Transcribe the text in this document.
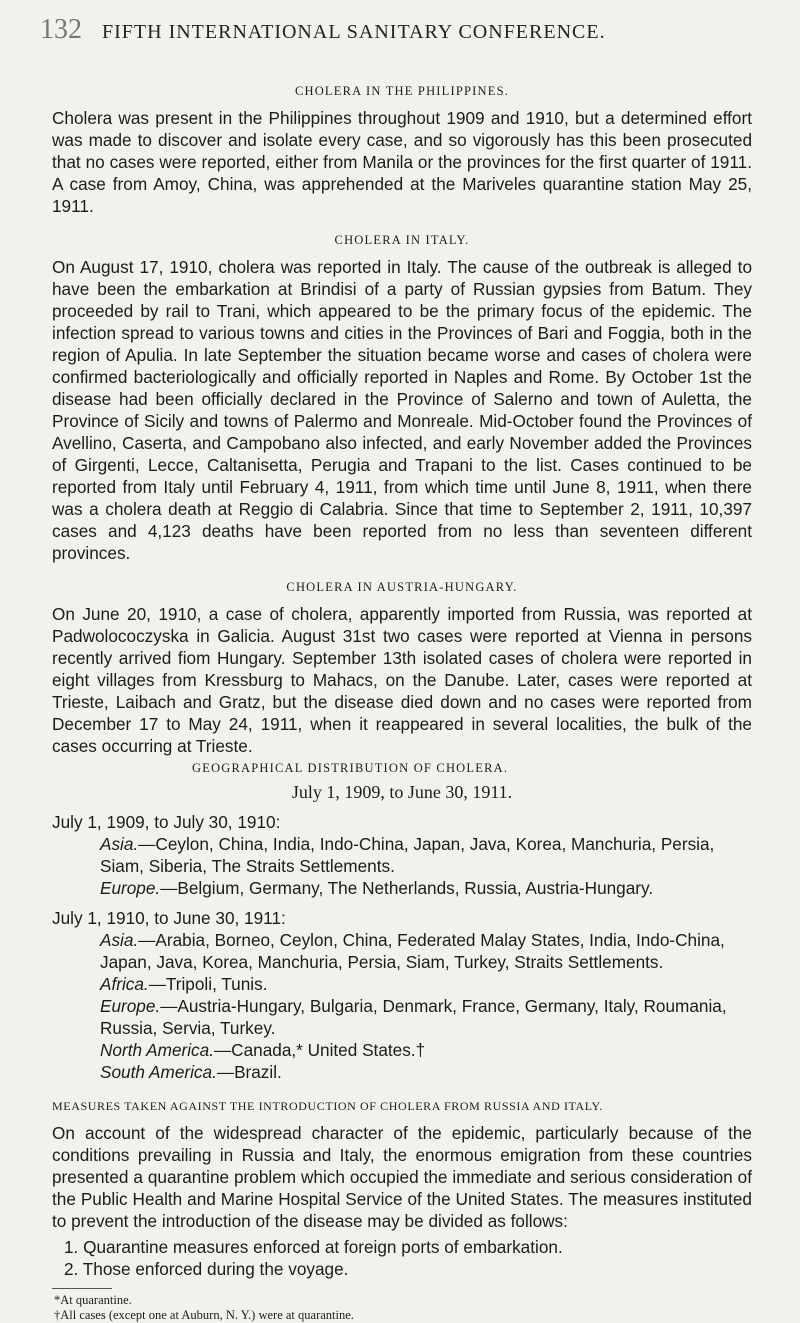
132	FIFTH INTERNATIONAL SANITARY CONFERENCE.
CHOLERA IN THE PHILIPPINES.

Cholera was present in the Philippines throughout 1909 and 1910, but a determined effort was made to discover and isolate every case, and so vigorously has this been prosecuted that no cases were reported, either from Manila or the provinces for the first quarter of 1911. A case from Amoy, China, was apprehended at the Mariveles quarantine station May 25, 1911.

CHOLERA IN ITALY.

On August 17, 1910, cholera was reported in Italy. The cause of the outbreak is alleged to have been the embarkation at Brindisi of a party of Russian gypsies from Batum. They proceeded by rail to Trani, which appeared to be the primary focus of the epidemic. The infection spread to various towns and cities in the Provinces of Bari and Foggia, both in the region of Apulia. In late September the situation became worse and cases of cholera were confirmed bacteriologically and officially reported in Naples and Rome. By October 1st the disease had been officially declared in the Province of Salerno and town of Auletta, the Province of Sicily and towns of Palermo and Monreale. Mid-October found the Provinces of Avellino, Caserta, and Campobano also infected, and early November added the Provinces of Girgenti, Lecce, Caltanisetta, Perugia and Trapani to the list. Cases continued to be reported from Italy until February 4, 1911, from which time until June 8, 1911, when there was a cholera death at Reggio di Calabria. Since that time to September 2, 1911, 10,397 cases and 4,123 deaths have been reported from no less than seventeen different provinces.

CHOLERA IN AUSTRIA-HUNGARY.

On June 20, 1910, a case of cholera, apparently imported from Russia, was reported at Padwolococzyska in Galicia. August 31st two cases were reported at Vienna in persons recently arrived fiom Hungary. September 13th isolated cases of cholera were reported in eight villages from Kressburg to Mahacs, on the Danube. Later, cases were reported at Trieste, Laibach and Gratz, but the disease died down and no cases were reported from December 17 to May 24, 1911, when it reappeared in several localities, the bulk of the cases occurring at Trieste.

GEOGRAPHICAL DISTRIBUTION OF CHOLERA.
July 1, 1909, to June 30, 1911.
July 1, 1909, to July 30, 1910:
Asia.—Ceylon, China, India, Indo-China, Japan, Java, Korea, Manchuria, Persia, Siam, Siberia, The Straits Settlements.
Europe.—Belgium, Germany, The Netherlands, Russia, Austria-Hungary.
July 1, 1910, to June 30, 1911:
Asia.—Arabia, Borneo, Ceylon, China, Federated Malay States, India, Indo-China, Japan, Java, Korea, Manchuria, Persia, Siam, Turkey, Straits Settlements.
Africa.—Tripoli, Tunis.
Europe.—Austria-Hungary, Bulgaria, Denmark, France, Germany, Italy, Roumania, Russia, Servia, Turkey.
North America.—Canada,* United States.†
South America.—Brazil.
MEASURES TAKEN AGAINST THE INTRODUCTION OF CHOLERA FROM RUSSIA AND ITALY.

On account of the widespread character of the epidemic, particularly because of the conditions prevailing in Russia and Italy, the enormous emigration from these countries presented a quarantine problem which occupied the immediate and serious consideration of the Public Health and Marine Hospital Service of the United States. The measures instituted to prevent the introduction of the disease may be divided as follows:

1. Quarantine measures enforced at foreign ports of embarkation.
2. Those enforced during the voyage.
*At quarantine.
†All cases (except one at Auburn, N. Y.) were at quarantine.
